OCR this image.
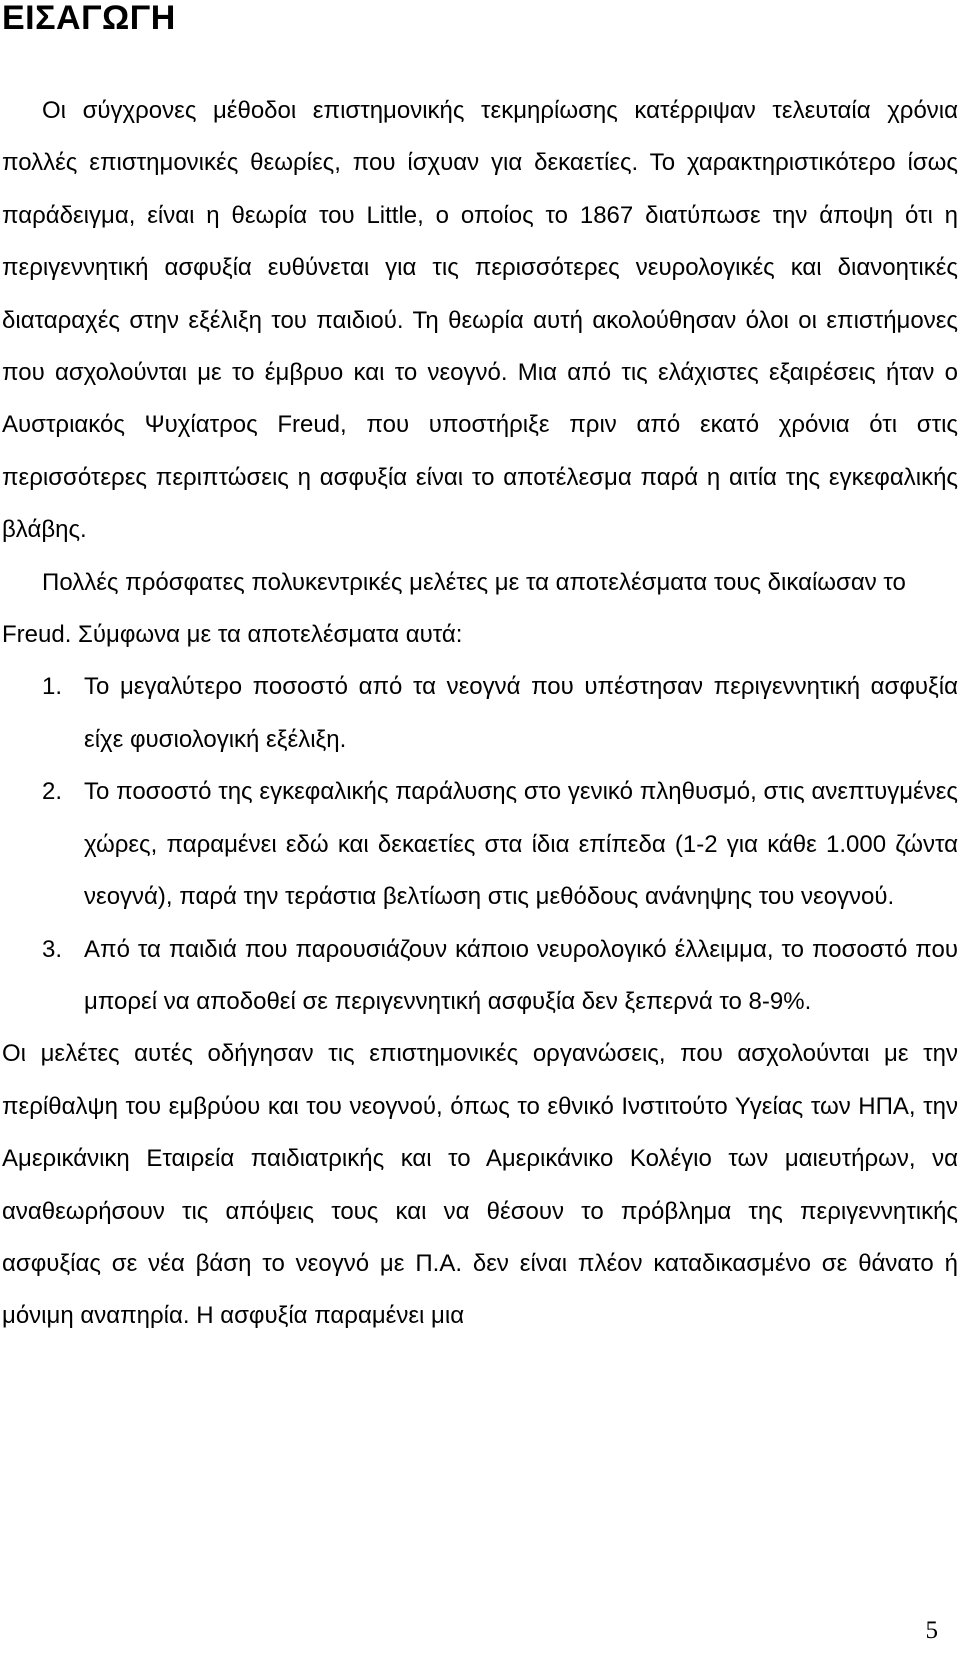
ΕΙΣΑΓΩΓΗ

Οι σύγχρονες μέθοδοι επιστημονικής τεκμηρίωσης κατέρριψαν τελευταία χρόνια πολλές επιστημονικές θεωρίες, που ίσχυαν για δεκαετίες. Το χαρακτηριστικότερο ίσως παράδειγμα, είναι η θεωρία του Little, ο οποίος το 1867 διατύπωσε την άποψη ότι η περιγεννητική ασφυξία ευθύνεται για τις περισσότερες νευρολογικές και διανοητικές διαταραχές στην εξέλιξη του παιδιού. Τη θεωρία αυτή ακολούθησαν όλοι οι επιστήμονες που ασχολούνται με το έμβρυο και το νεογνό. Μια από τις ελάχιστες εξαιρέσεις ήταν ο Αυστριακός Ψυχίατρος Freud, που υποστήριξε πριν από εκατό χρόνια ότι στις περισσότερες περιπτώσεις η ασφυξία είναι το αποτέλεσμα παρά η αιτία της εγκεφαλικής βλάβης.

Πολλές πρόσφατες πολυκεντρικές μελέτες με τα αποτελέσματα τους δικαίωσαν το Freud. Σύμφωνα με τα αποτελέσματα αυτά:

1. Το μεγαλύτερο ποσοστό από τα νεογνά που υπέστησαν περιγεννητική ασφυξία είχε φυσιολογική εξέλιξη.
2. Το ποσοστό της εγκεφαλικής παράλυσης στο γενικό πληθυσμό, στις ανεπτυγμένες χώρες, παραμένει εδώ και δεκαετίες στα ίδια επίπεδα (1-2 για κάθε 1.000 ζώντα νεογνά), παρά την τεράστια βελτίωση στις μεθόδους ανάνηψης του νεογνού.
3. Από τα παιδιά που παρουσιάζουν κάποιο νευρολογικό έλλειμμα, το ποσοστό που μπορεί να αποδοθεί σε περιγεννητική ασφυξία δεν ξεπερνά το 8-9%.

Οι μελέτες αυτές οδήγησαν τις επιστημονικές οργανώσεις, που ασχολούνται με την περίθαλψη του εμβρύου και του νεογνού, όπως το εθνικό Ινστιτούτο Υγείας των ΗΠΑ, την Αμερικάνικη Εταιρεία παιδιατρικής και το Αμερικάνικο Κολέγιο των μαιευτήρων, να αναθεωρήσουν τις απόψεις τους και να θέσουν το πρόβλημα της περιγεννητικής ασφυξίας σε νέα βάση το νεογνό με Π.Α. δεν είναι πλέον καταδικασμένο σε θάνατο ή μόνιμη αναπηρία. Η ασφυξία παραμένει μια

5
